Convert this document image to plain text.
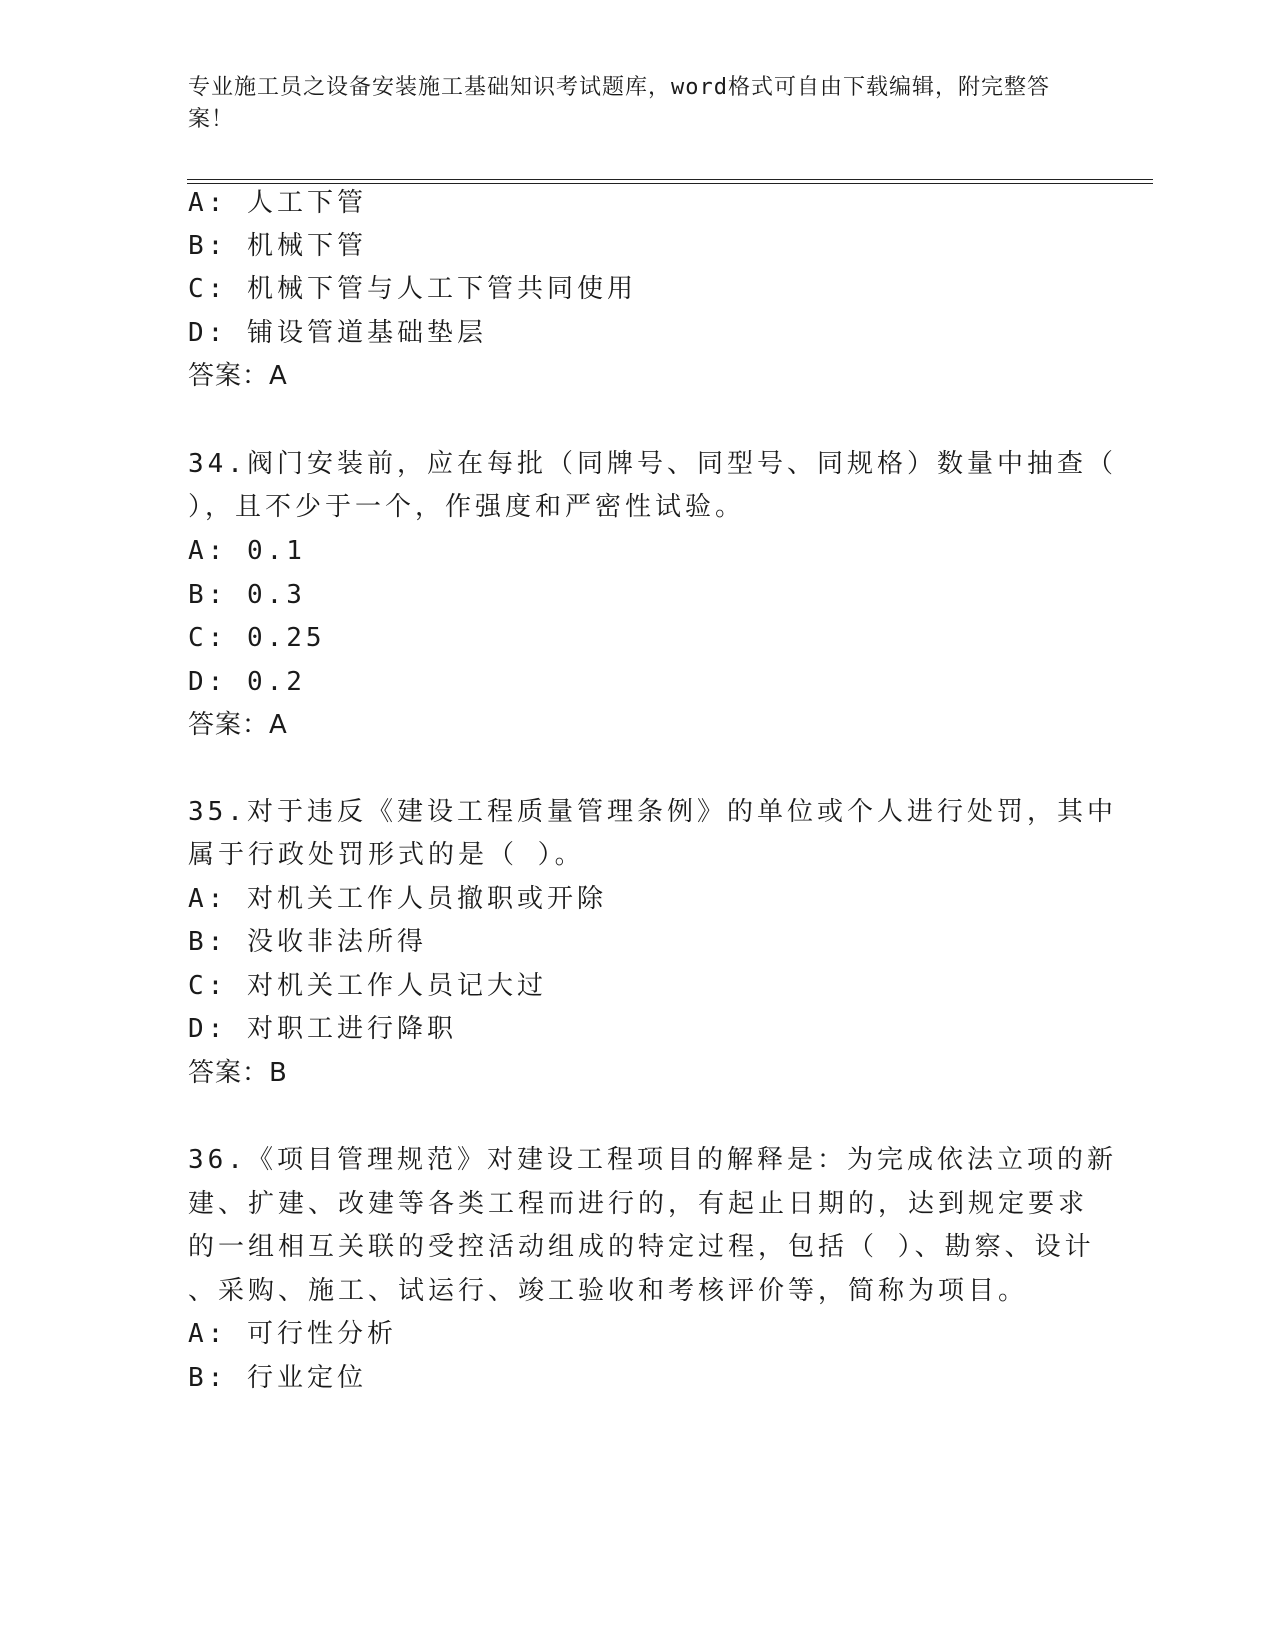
专业施工员之设备安装施工基础知识考试题库，word格式可自由下载编辑，附完整答案！
A: 人工下管
B: 机械下管
C: 机械下管与人工下管共同使用
D: 铺设管道基础垫层
答案：A
34.阀门安装前，应在每批（同牌号、同型号、同规格）数量中抽查（
），且不少于一个，作强度和严密性试验。
A: 0.1
B: 0.3
C: 0.25
D: 0.2
答案：A
35.对于违反《建设工程质量管理条例》的单位或个人进行处罚，其中
属于行政处罚形式的是（ ）。
A: 对机关工作人员撤职或开除
B: 没收非法所得
C: 对机关工作人员记大过
D: 对职工进行降职
答案：B
36.《项目管理规范》对建设工程项目的解释是：为完成依法立项的新
建、扩建、改建等各类工程而进行的，有起止日期的，达到规定要求
的一组相互关联的受控活动组成的特定过程，包括（ ）、勘察、设计
、采购、施工、试运行、竣工验收和考核评价等，简称为项目。
A: 可行性分析
B: 行业定位
